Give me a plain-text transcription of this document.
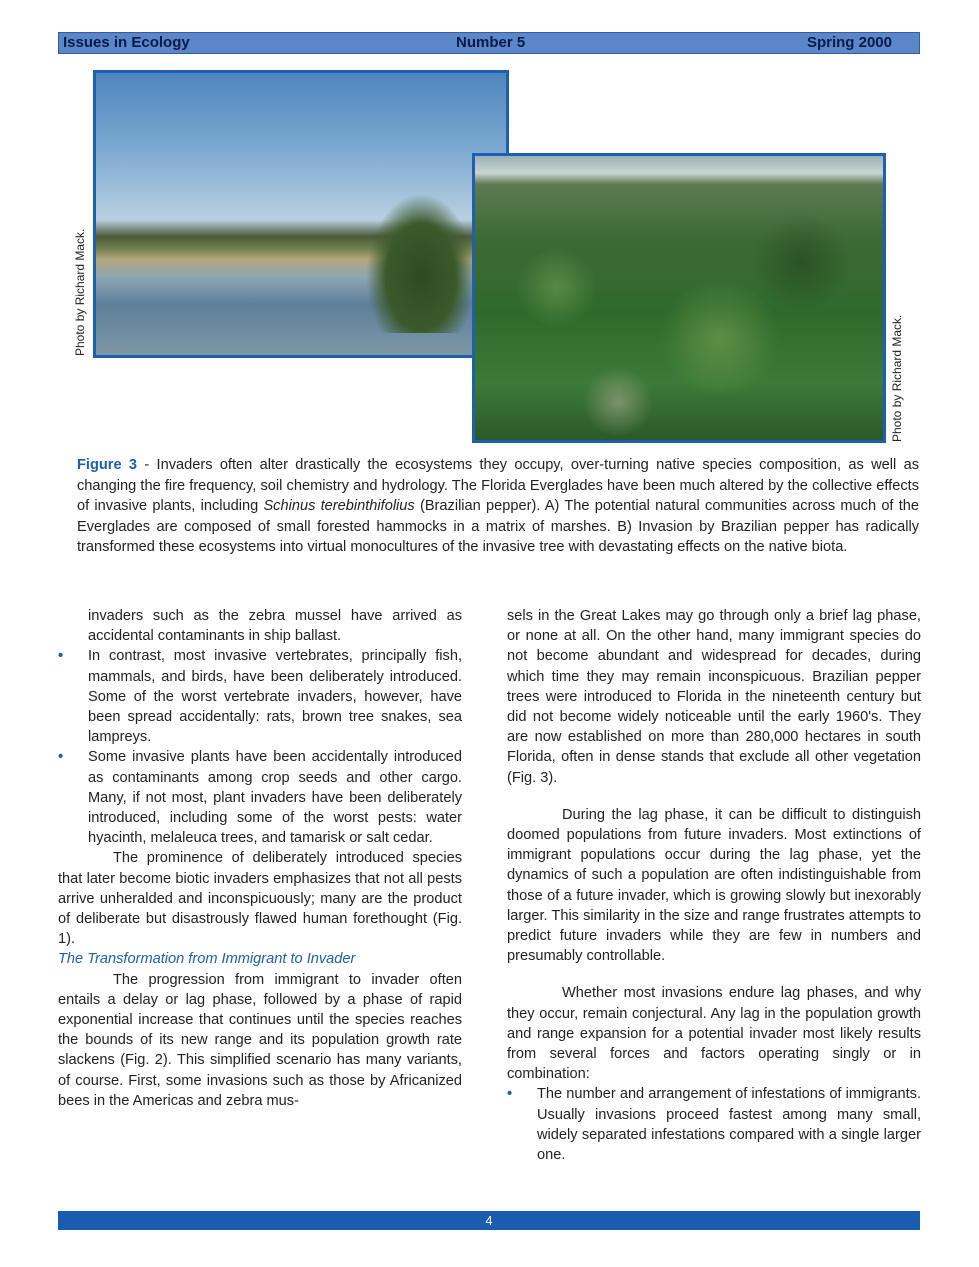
Issues in Ecology	Number 5	Spring 2000
Photo by Richard Mack.
Photo by Richard Mack.
Figure 3 - Invaders often alter drastically the ecosystems they occupy, over-turning native species composition, as well as changing the fire frequency, soil chemistry and hydrology. The Florida Everglades have been much altered by the collective effects of invasive plants, including Schinus terebinthifolius (Brazilian pepper). A) The potential natural communities across much of the Everglades are composed of small forested hammocks in a matrix of marshes. B) Invasion by Brazilian pepper has radically transformed these ecosystems into virtual monocultures of the invasive tree with devastating effects on the native biota.

invaders such as the zebra mussel have arrived as accidental contaminants in ship ballast.

• In contrast, most invasive vertebrates, principally fish, mammals, and birds, have been deliberately introduced. Some of the worst vertebrate invaders, however, have been spread accidentally: rats, brown tree snakes, sea lampreys.
• Some invasive plants have been accidentally introduced as contaminants among crop seeds and other cargo. Many, if not most, plant invaders have been deliberately introduced, including some of the worst pests: water hyacinth, melaleuca trees, and tamarisk or salt cedar.

The prominence of deliberately introduced species that later become biotic invaders emphasizes that not all pests arrive unheralded and inconspicuously; many are the product of deliberate but disastrously flawed human forethought (Fig. 1).

The Transformation from Immigrant to Invader

The progression from immigrant to invader often entails a delay or lag phase, followed by a phase of rapid exponential increase that continues until the species reaches the bounds of its new range and its population growth rate slackens (Fig. 2). This simplified scenario has many variants, of course. First, some invasions such as those by Africanized bees in the Americas and zebra mus-

sels in the Great Lakes may go through only a brief lag phase, or none at all. On the other hand, many immigrant species do not become abundant and widespread for decades, during which time they may remain inconspicuous. Brazilian pepper trees were introduced to Florida in the nineteenth century but did not become widely noticeable until the early 1960's. They are now established on more than 280,000 hectares in south Florida, often in dense stands that exclude all other vegetation (Fig. 3).

During the lag phase, it can be difficult to distinguish doomed populations from future invaders. Most extinctions of immigrant populations occur during the lag phase, yet the dynamics of such a population are often indistinguishable from those of a future invader, which is growing slowly but inexorably larger. This similarity in the size and range frustrates attempts to predict future invaders while they are few in numbers and presumably controllable.

Whether most invasions endure lag phases, and why they occur, remain conjectural. Any lag in the population growth and range expansion for a potential invader most likely results from several forces and factors operating singly or in combination:

• The number and arrangement of infestations of immigrants. Usually invasions proceed fastest among many small, widely separated infestations compared with a single larger one.
4
